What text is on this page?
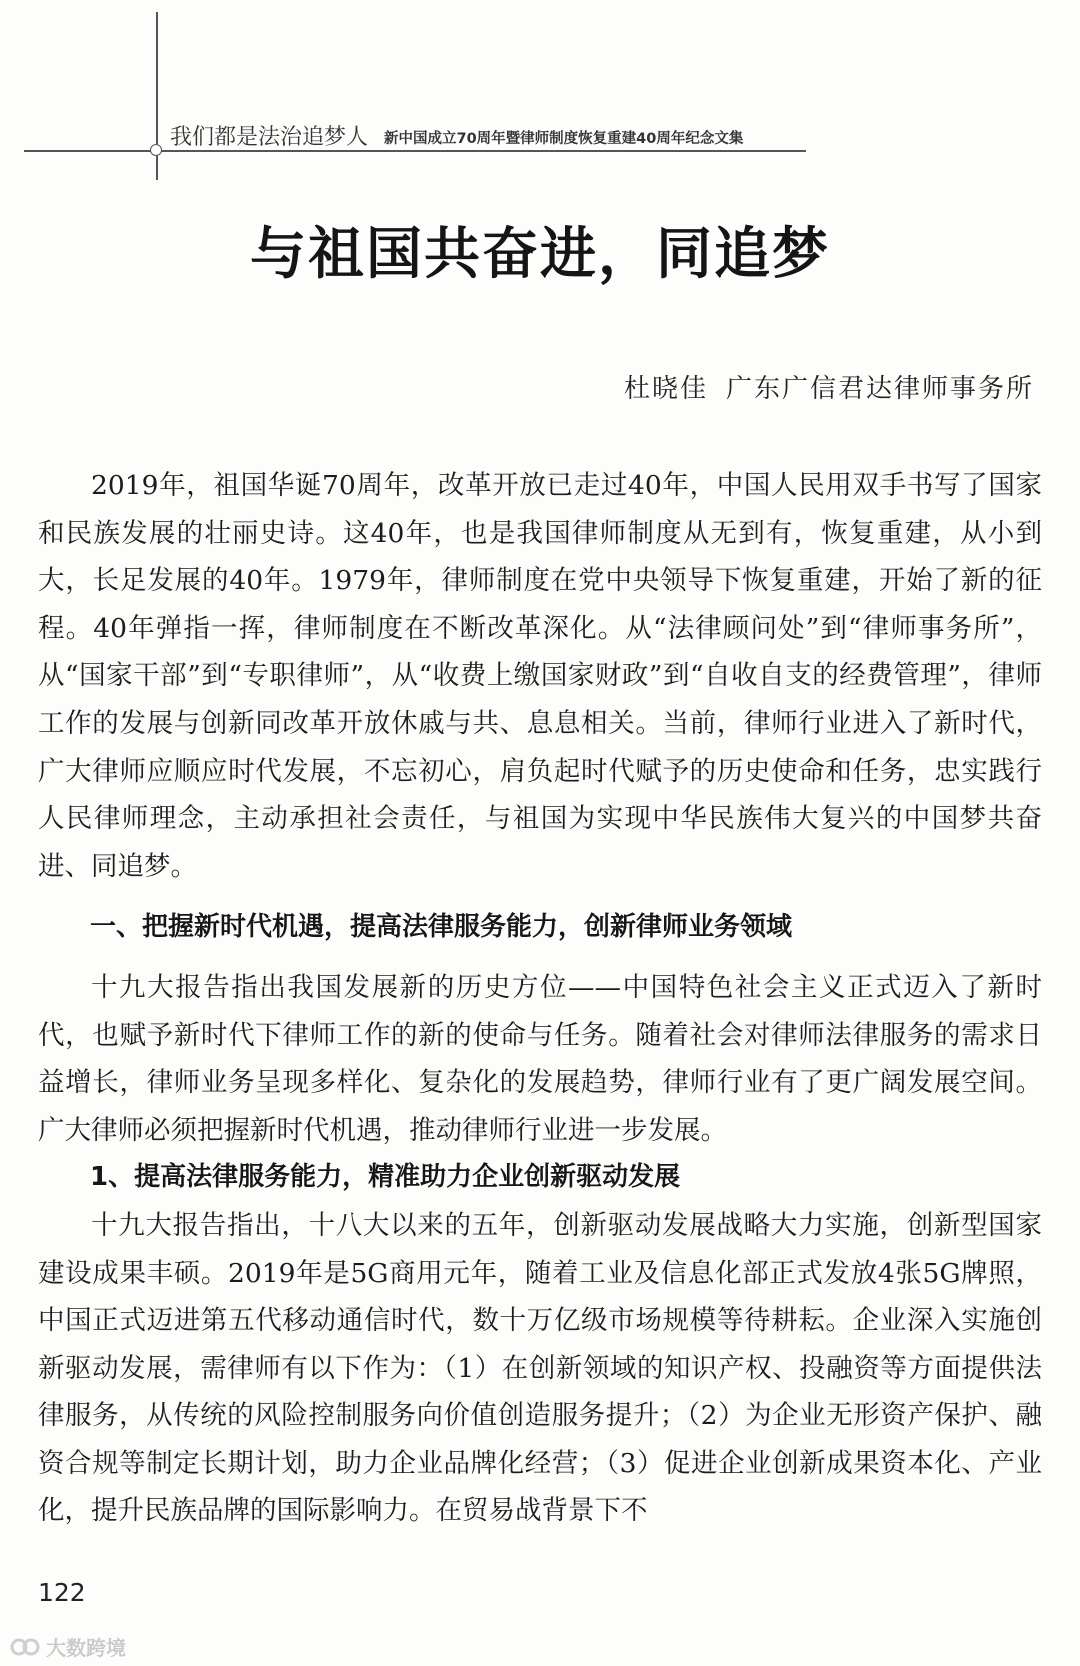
我们都是法治追梦人 新中国成立70周年暨律师制度恢复重建40周年纪念文集
与祖国共奋进，同追梦
杜晓佳 广东广信君达律师事务所

2019年，祖国华诞70周年，改革开放已走过40年，中国人民用双手书写了国家和民族发展的壮丽史诗。这40年，也是我国律师制度从无到有，恢复重建，从小到大，长足发展的40年。1979年，律师制度在党中央领导下恢复重建，开始了新的征程。40年弹指一挥，律师制度在不断改革深化。从“法律顾问处”到“律师事务所”，从“国家干部”到“专职律师”，从“收费上缴国家财政”到“自收自支的经费管理”，律师工作的发展与创新同改革开放休戚与共、息息相关。当前，律师行业进入了新时代，广大律师应顺应时代发展，不忘初心，肩负起时代赋予的历史使命和任务，忠实践行人民律师理念，主动承担社会责任，与祖国为实现中华民族伟大复兴的中国梦共奋进、同追梦。

一、把握新时代机遇，提高法律服务能力，创新律师业务领域

十九大报告指出我国发展新的历史方位——中国特色社会主义正式迈入了新时代，也赋予新时代下律师工作的新的使命与任务。随着社会对律师法律服务的需求日益增长，律师业务呈现多样化、复杂化的发展趋势，律师行业有了更广阔发展空间。广大律师必须把握新时代机遇，推动律师行业进一步发展。

1、提高法律服务能力，精准助力企业创新驱动发展

十九大报告指出，十八大以来的五年，创新驱动发展战略大力实施，创新型国家建设成果丰硕。2019年是5G商用元年，随着工业及信息化部正式发放4张5G牌照，中国正式迈进第五代移动通信时代，数十万亿级市场规模等待耕耘。企业深入实施创新驱动发展，需律师有以下作为：（1）在创新领域的知识产权、投融资等方面提供法律服务，从传统的风险控制服务向价值创造服务提升；（2）为企业无形资产保护、融资合规等制定长期计划，助力企业品牌化经营；（3）促进企业创新成果资本化、产业化，提升民族品牌的国际影响力。在贸易战背景下不

122
大数跨境
